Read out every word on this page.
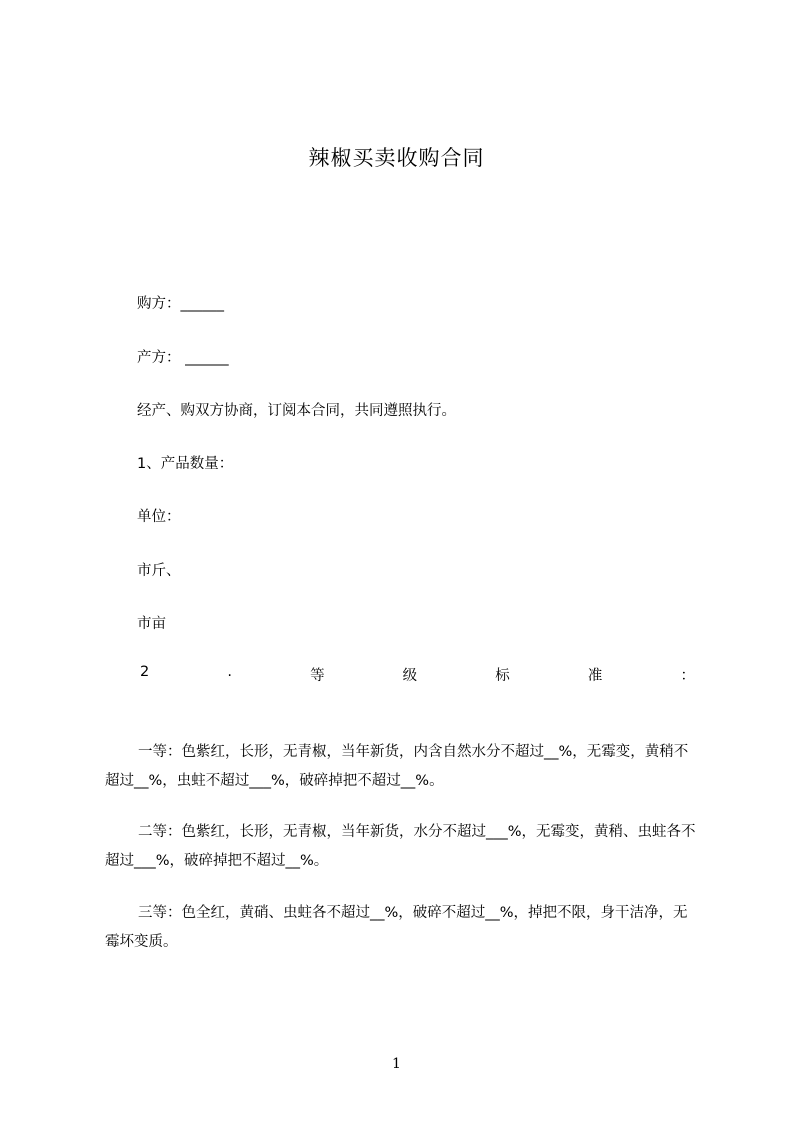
辣椒买卖收购合同
购方：______
产方： ______
经产、购双方协商，订阅本合同，共同遵照执行。
1、产品数量：
单位：
市斤、
市亩
2	.	等	级	标	准	：
一等：色紫红，长形，无青椒，当年新货，内含自然水分不超过__%，无霉变，黄稍不超过__%，虫蛀不超过___%，破碎掉把不超过__%。
二等：色紫红，长形，无青椒，当年新货，水分不超过___%，无霉变，黄稍、虫蛀各不超过___%，破碎掉把不超过__%。
三等：色全红，黄硝、虫蛀各不超过__%，破碎不超过__%，掉把不限，身干洁净，无霉坏变质。
1
